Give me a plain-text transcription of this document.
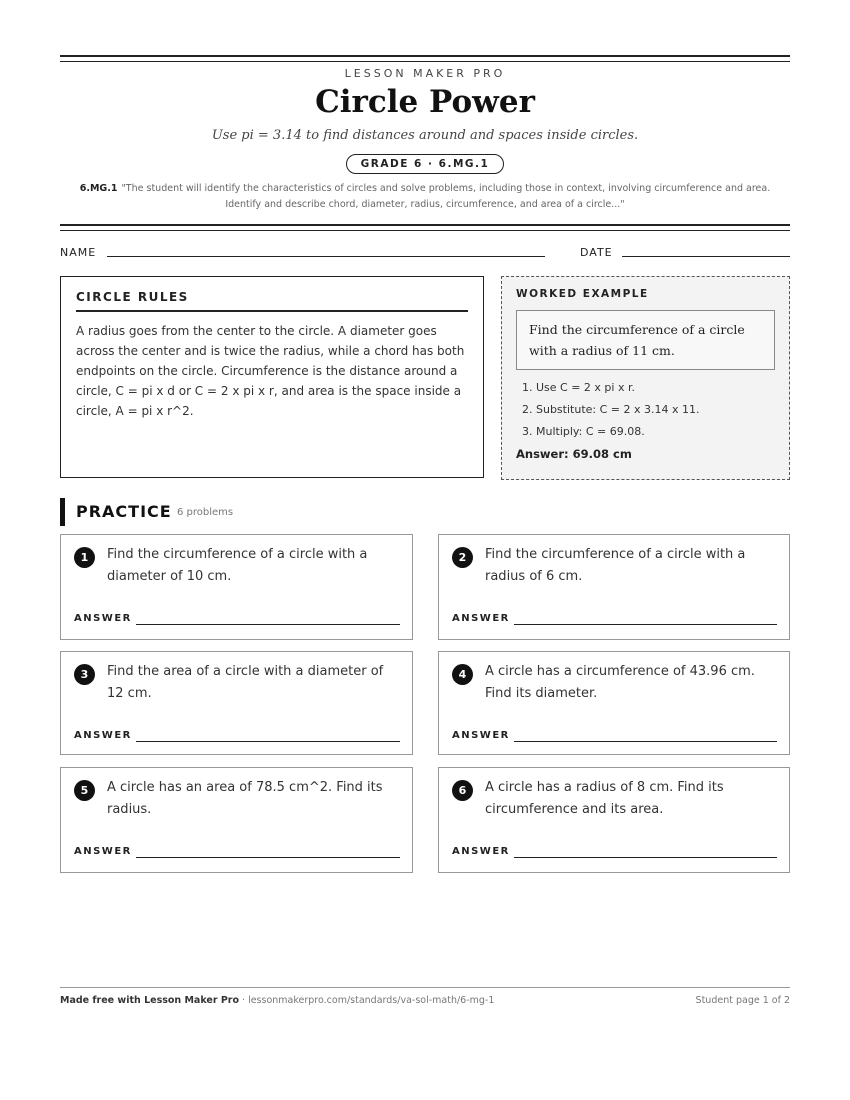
LESSON MAKER PRO
Circle Power
Use pi = 3.14 to find distances around and spaces inside circles.
GRADE 6 · 6.MG.1
6.MG.1 "The student will identify the characteristics of circles and solve problems, including those in context, involving circumference and area.
Identify and describe chord, diameter, radius, circumference, and area of a circle..."
NAME	DATE
CIRCLE RULES
A radius goes from the center to the circle. A diameter goes across the center and is twice the radius, while a chord has both endpoints on the circle. Circumference is the distance around a circle, C = pi x d or C = 2 x pi x r, and area is the space inside a circle, A = pi x r^2.
WORKED EXAMPLE
Find the circumference of a circle with a radius of 11 cm.
1. Use C = 2 x pi x r.
2. Substitute: C = 2 x 3.14 x 11.
3. Multiply: C = 69.08.
Answer: 69.08 cm
PRACTICE 6 problems
1	Find the circumference of a circle with a diameter of 10 cm.
ANSWER
2	Find the circumference of a circle with a radius of 6 cm.
ANSWER
3	Find the area of a circle with a diameter of 12 cm.
ANSWER
4	A circle has a circumference of 43.96 cm. Find its diameter.
ANSWER
5	A circle has an area of 78.5 cm^2. Find its radius.
ANSWER
6	A circle has a radius of 8 cm. Find its circumference and its area.
ANSWER
Made free with Lesson Maker Pro · lessonmakerpro.com/standards/va-sol-math/6-mg-1	Student page 1 of 2
